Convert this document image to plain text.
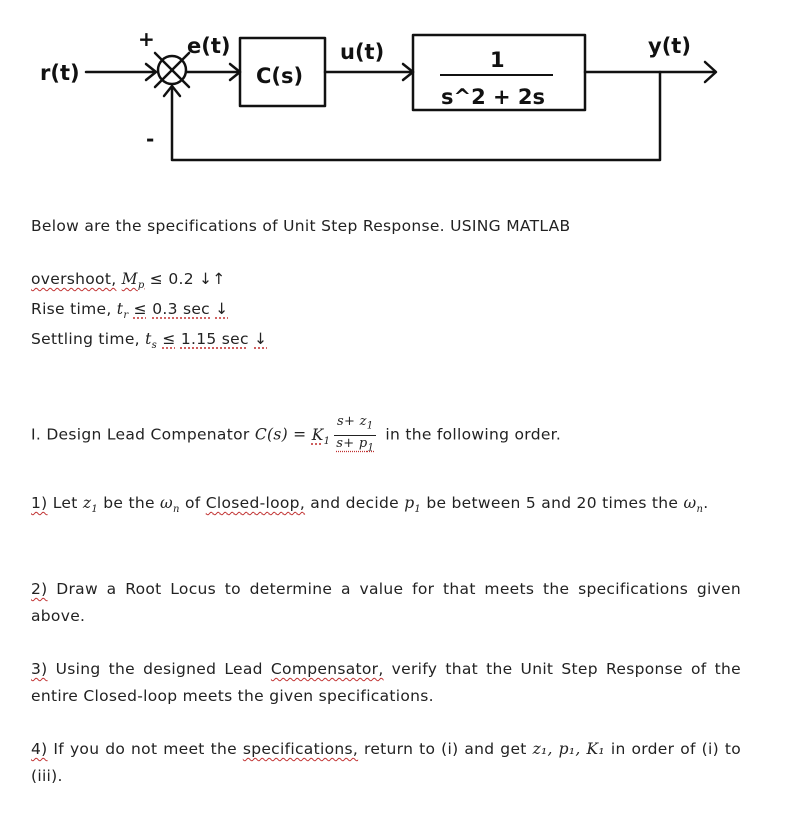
r(t)
+
-
e(t)
C(s)
u(t)	1
s^2 + 2s
y(t)
Below are the specifications of Unit Step Response. USING MATLAB
overshoot, $M_p \le 0.2$ ↓↑
Rise time, $t_r \le 0.3$ sec ↓
Settling time, $t_s \le 1.15$ sec ↓
I. Design Lead Compenator $C(s) = K_1 \frac{s+ z_1}{s+ p_1}$ in the following order.
1) Let $z_1$ be the $\omega_n$ of Closed-loop, and decide $p_1$ be between 5 and 20 times the $\omega_n$.
2) Draw a Root Locus to determine a value for that meets the specifications given above.
3) Using the designed Lead Compensator, verify that the Unit Step Response of the entire Closed-loop meets the given specifications.
4) If you do not meet the specifications, return to (i) and get z₁, p₁, K₁ in order of (i) to (iii).
